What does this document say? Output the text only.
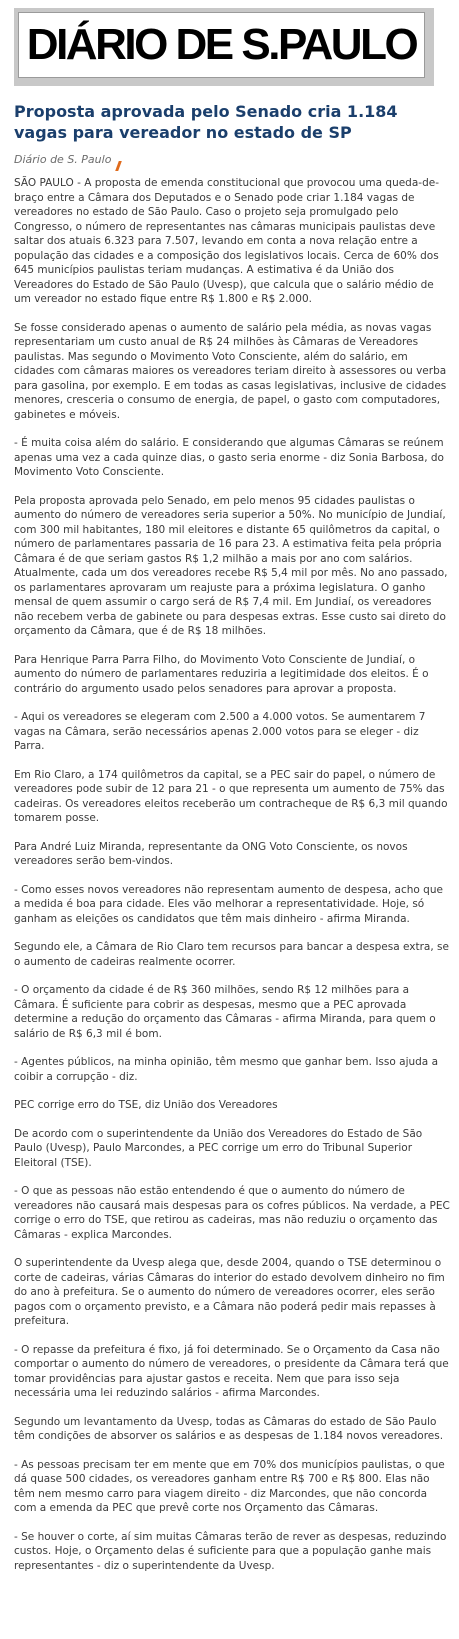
DIÁRIO DE S.PAULO
Proposta aprovada pelo Senado cria 1.184 vagas para vereador no estado de SP
Diário de S. Paulo

SÃO PAULO - A proposta de emenda constitucional que provocou uma queda-de-braço entre a Câmara dos Deputados e o Senado pode criar 1.184 vagas de vereadores no estado de São Paulo. Caso o projeto seja promulgado pelo Congresso, o número de representantes nas câmaras municipais paulistas deve saltar dos atuais 6.323 para 7.507, levando em conta a nova relação entre a população das cidades e a composição dos legislativos locais. Cerca de 60% dos 645 municípios paulistas teriam mudanças. A estimativa é da União dos Vereadores do Estado de São Paulo (Uvesp), que calcula que o salário médio de um vereador no estado fique entre R$ 1.800 e R$ 2.000.

Se fosse considerado apenas o aumento de salário pela média, as novas vagas representariam um custo anual de R$ 24 milhões às Câmaras de Vereadores paulistas. Mas segundo o Movimento Voto Consciente, além do salário, em cidades com câmaras maiores os vereadores teriam direito à assessores ou verba para gasolina, por exemplo. E em todas as casas legislativas, inclusive de cidades menores, cresceria o consumo de energia, de papel, o gasto com computadores, gabinetes e móveis.

- É muita coisa além do salário. E considerando que algumas Câmaras se reúnem apenas uma vez a cada quinze dias, o gasto seria enorme - diz Sonia Barbosa, do Movimento Voto Consciente.

Pela proposta aprovada pelo Senado, em pelo menos 95 cidades paulistas o aumento do número de vereadores seria superior a 50%. No município de Jundiaí, com 300 mil habitantes, 180 mil eleitores e distante 65 quilômetros da capital, o número de parlamentares passaria de 16 para 23. A estimativa feita pela própria Câmara é de que seriam gastos R$ 1,2 milhão a mais por ano com salários. Atualmente, cada um dos vereadores recebe R$ 5,4 mil por mês. No ano passado, os parlamentares aprovaram um reajuste para a próxima legislatura. O ganho mensal de quem assumir o cargo será de R$ 7,4 mil. Em Jundiaí, os vereadores não recebem verba de gabinete ou para despesas extras. Esse custo sai direto do orçamento da Câmara, que é de R$ 18 milhões.

Para Henrique Parra Parra Filho, do Movimento Voto Consciente de Jundiaí, o aumento do número de parlamentares reduziria a legitimidade dos eleitos. É o contrário do argumento usado pelos senadores para aprovar a proposta.

- Aqui os vereadores se elegeram com 2.500 a 4.000 votos. Se aumentarem 7 vagas na Câmara, serão necessários apenas 2.000 votos para se eleger - diz Parra.

Em Rio Claro, a 174 quilômetros da capital, se a PEC sair do papel, o número de vereadores pode subir de 12 para 21 - o que representa um aumento de 75% das cadeiras. Os vereadores eleitos receberão um contracheque de R$ 6,3 mil quando tomarem posse.

Para André Luiz Miranda, representante da ONG Voto Consciente, os novos vereadores serão bem-vindos.

- Como esses novos vereadores não representam aumento de despesa, acho que a medida é boa para cidade. Eles vão melhorar a representatividade. Hoje, só ganham as eleições os candidatos que têm mais dinheiro - afirma Miranda.

Segundo ele, a Câmara de Rio Claro tem recursos para bancar a despesa extra, se o aumento de cadeiras realmente ocorrer.

- O orçamento da cidade é de R$ 360 milhões, sendo R$ 12 milhões para a Câmara. É suficiente para cobrir as despesas, mesmo que a PEC aprovada determine a redução do orçamento das Câmaras - afirma Miranda, para quem o salário de R$ 6,3 mil é bom.

- Agentes públicos, na minha opinião, têm mesmo que ganhar bem. Isso ajuda a coibir a corrupção - diz.

PEC corrige erro do TSE, diz União dos Vereadores

De acordo com o superintendente da União dos Vereadores do Estado de São Paulo (Uvesp), Paulo Marcondes, a PEC corrige um erro do Tribunal Superior Eleitoral (TSE).

- O que as pessoas não estão entendendo é que o aumento do número de vereadores não causará mais despesas para os cofres públicos. Na verdade, a PEC corrige o erro do TSE, que retirou as cadeiras, mas não reduziu o orçamento das Câmaras - explica Marcondes.

O superintendente da Uvesp alega que, desde 2004, quando o TSE determinou o corte de cadeiras, várias Câmaras do interior do estado devolvem dinheiro no fim do ano à prefeitura. Se o aumento do número de vereadores ocorrer, eles serão pagos com o orçamento previsto, e a Câmara não poderá pedir mais repasses à prefeitura.

- O repasse da prefeitura é fixo, já foi determinado. Se o Orçamento da Casa não comportar o aumento do número de vereadores, o presidente da Câmara terá que tomar providências para ajustar gastos e receita. Nem que para isso seja necessária uma lei reduzindo salários - afirma Marcondes.

Segundo um levantamento da Uvesp, todas as Câmaras do estado de São Paulo têm condições de absorver os salários e as despesas de 1.184 novos vereadores.

- As pessoas precisam ter em mente que em 70% dos municípios paulistas, o que dá quase 500 cidades, os vereadores ganham entre R$ 700 e R$ 800. Elas não têm nem mesmo carro para viagem direito - diz Marcondes, que não concorda com a emenda da PEC que prevê corte nos Orçamento das Câmaras.

- Se houver o corte, aí sim muitas Câmaras terão de rever as despesas, reduzindo custos. Hoje, o Orçamento delas é suficiente para que a população ganhe mais representantes - diz o superintendente da Uvesp.
